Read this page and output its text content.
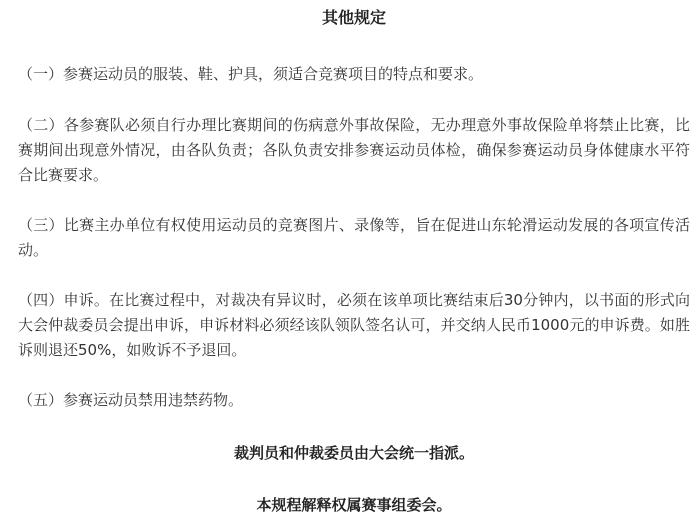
其他规定

（一）参赛运动员的服装、鞋、护具，须适合竞赛项目的特点和要求。

（二）各参赛队必须自行办理比赛期间的伤病意外事故保险，无办理意外事故保险单将禁止比赛，比赛期间出现意外情况，由各队负责；各队负责安排参赛运动员体检，确保参赛运动员身体健康水平符合比赛要求。

（三）比赛主办单位有权使用运动员的竞赛图片、录像等，旨在促进山东轮滑运动发展的各项宣传活动。

（四）申诉。在比赛过程中，对裁决有异议时，必须在该单项比赛结束后30分钟内，以书面的形式向大会仲裁委员会提出申诉，申诉材料必须经该队领队签名认可，并交纳人民币1000元的申诉费。如胜诉则退还50%，如败诉不予退回。

（五）参赛运动员禁用违禁药物。

裁判员和仲裁委员由大会统一指派。
本规程解释权属赛事组委会。
